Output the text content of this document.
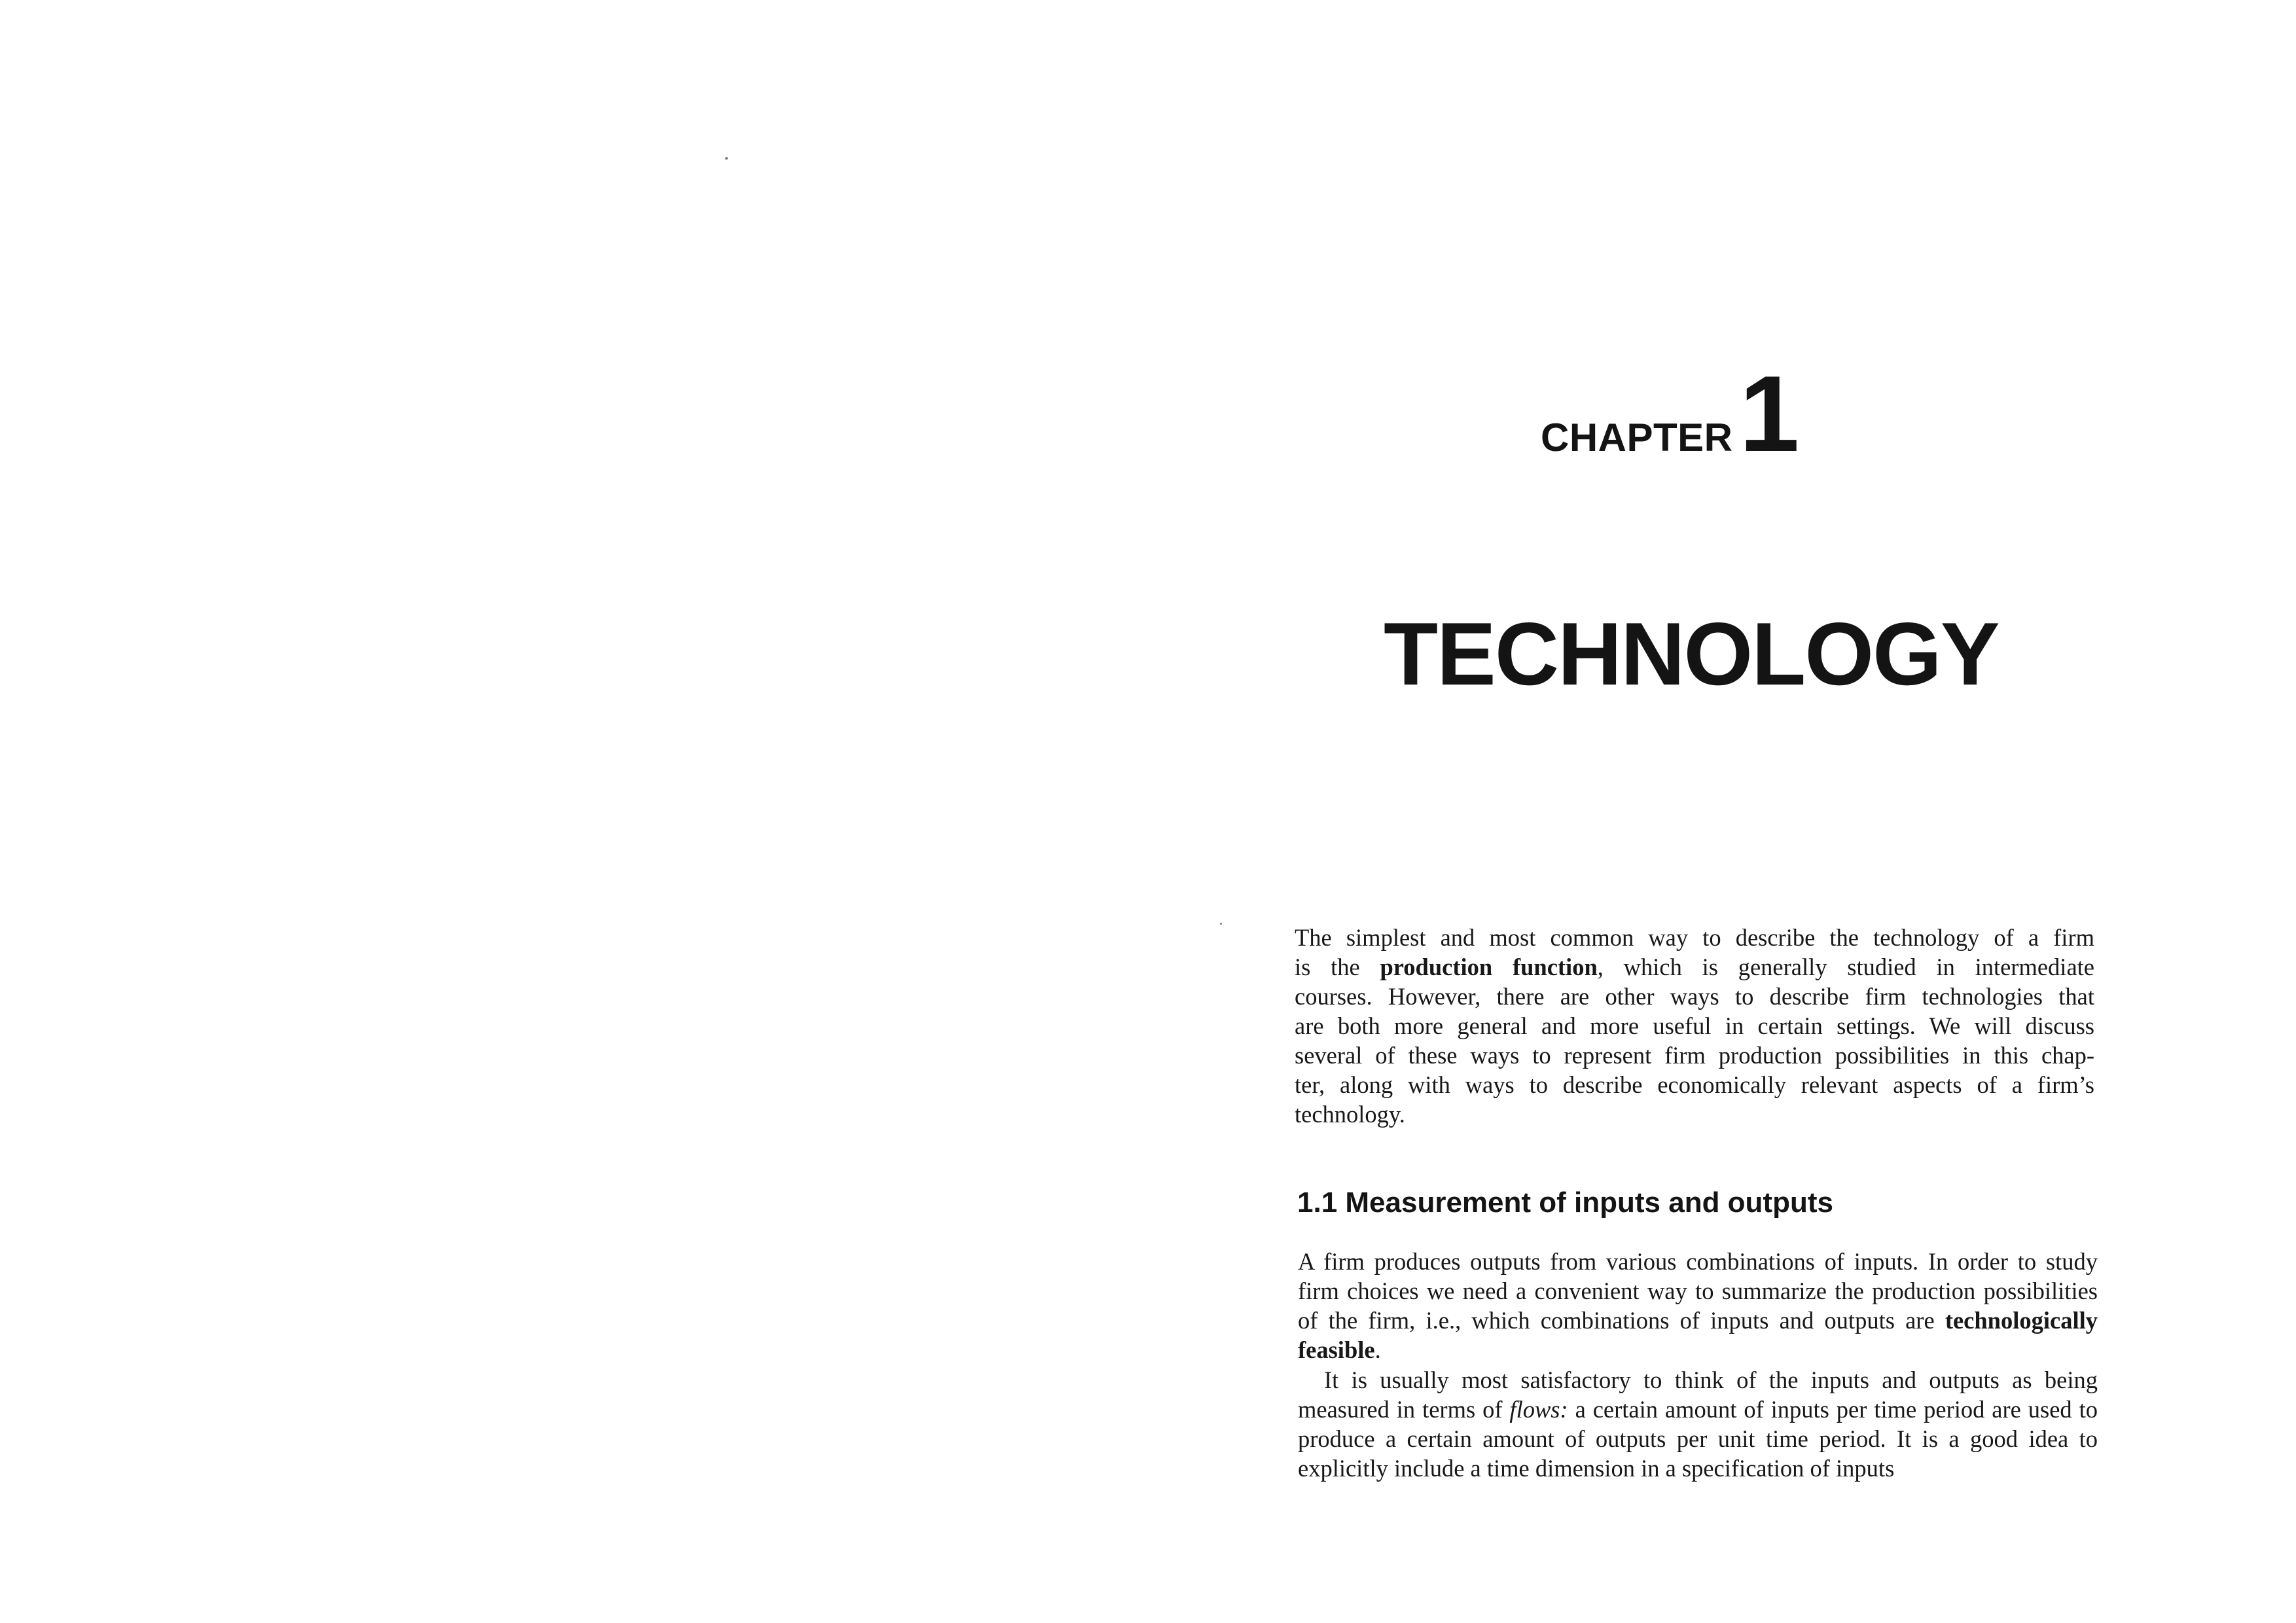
CHAPTER1
TECHNOLOGY
The simplest and most common way to describe the technology of a firm
is the production function, which is generally studied in intermediate
courses. However, there are other ways to describe firm technologies that
are both more general and more useful in certain settings. We will discuss
several of these ways to represent firm production possibilities in this chap-
ter, along with ways to describe economically relevant aspects of a firm’s
technology.
1.1 Measurement of inputs and outputs
A firm produces outputs from various combinations of inputs. In order to study firm choices we need a convenient way to summarize the production possibilities of the firm, i.e., which combinations of inputs and outputs are technologically feasible.
It is usually most satisfactory to think of the inputs and outputs as being measured in terms of flows: a certain amount of inputs per time period are used to produce a certain amount of outputs per unit time period. It is a good idea to explicitly include a time dimension in a specification of inputs
